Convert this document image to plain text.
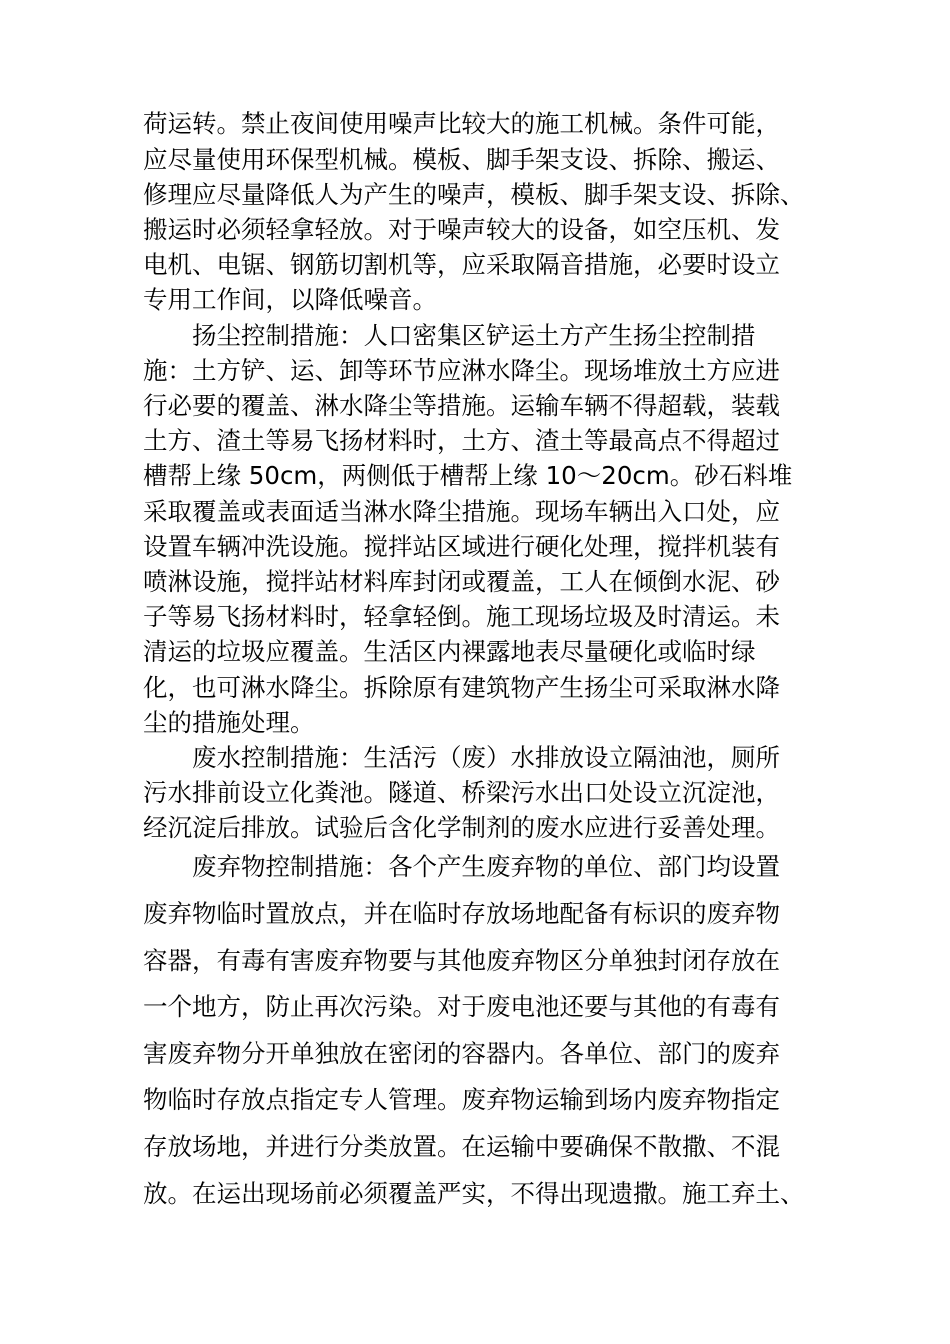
荷运转。禁止夜间使用噪声比较大的施工机械。条件可能，
应尽量使用环保型机械。模板、脚手架支设、拆除、搬运、
修理应尽量降低人为产生的噪声，模板、脚手架支设、拆除、
搬运时必须轻拿轻放。对于噪声较大的设备，如空压机、发
电机、电锯、钢筋切割机等，应采取隔音措施，必要时设立
专用工作间，以降低噪音。
扬尘控制措施：人口密集区铲运土方产生扬尘控制措
施：土方铲、运、卸等环节应淋水降尘。现场堆放土方应进
行必要的覆盖、淋水降尘等措施。运输车辆不得超载，装载
土方、渣土等易飞扬材料时，土方、渣土等最高点不得超过
槽帮上缘 50cm，两侧低于槽帮上缘 10～20cm。砂石料堆
采取覆盖或表面适当淋水降尘措施。现场车辆出入口处，应
设置车辆冲洗设施。搅拌站区域进行硬化处理，搅拌机装有
喷淋设施，搅拌站材料库封闭或覆盖，工人在倾倒水泥、砂
子等易飞扬材料时，轻拿轻倒。施工现场垃圾及时清运。未
清运的垃圾应覆盖。生活区内裸露地表尽量硬化或临时绿
化，也可淋水降尘。拆除原有建筑物产生扬尘可采取淋水降
尘的措施处理。
废水控制措施：生活污（废）水排放设立隔油池，厕所
污水排前设立化粪池。隧道、桥梁污水出口处设立沉淀池，
经沉淀后排放。试验后含化学制剂的废水应进行妥善处理。
废弃物控制措施：各个产生废弃物的单位、部门均设置
废弃物临时置放点，并在临时存放场地配备有标识的废弃物
容器，有毒有害废弃物要与其他废弃物区分单独封闭存放在
一个地方，防止再次污染。对于废电池还要与其他的有毒有
害废弃物分开单独放在密闭的容器内。各单位、部门的废弃
物临时存放点指定专人管理。废弃物运输到场内废弃物指定
存放场地，并进行分类放置。在运输中要确保不散撒、不混
放。在运出现场前必须覆盖严实，不得出现遗撒。施工弃土、
